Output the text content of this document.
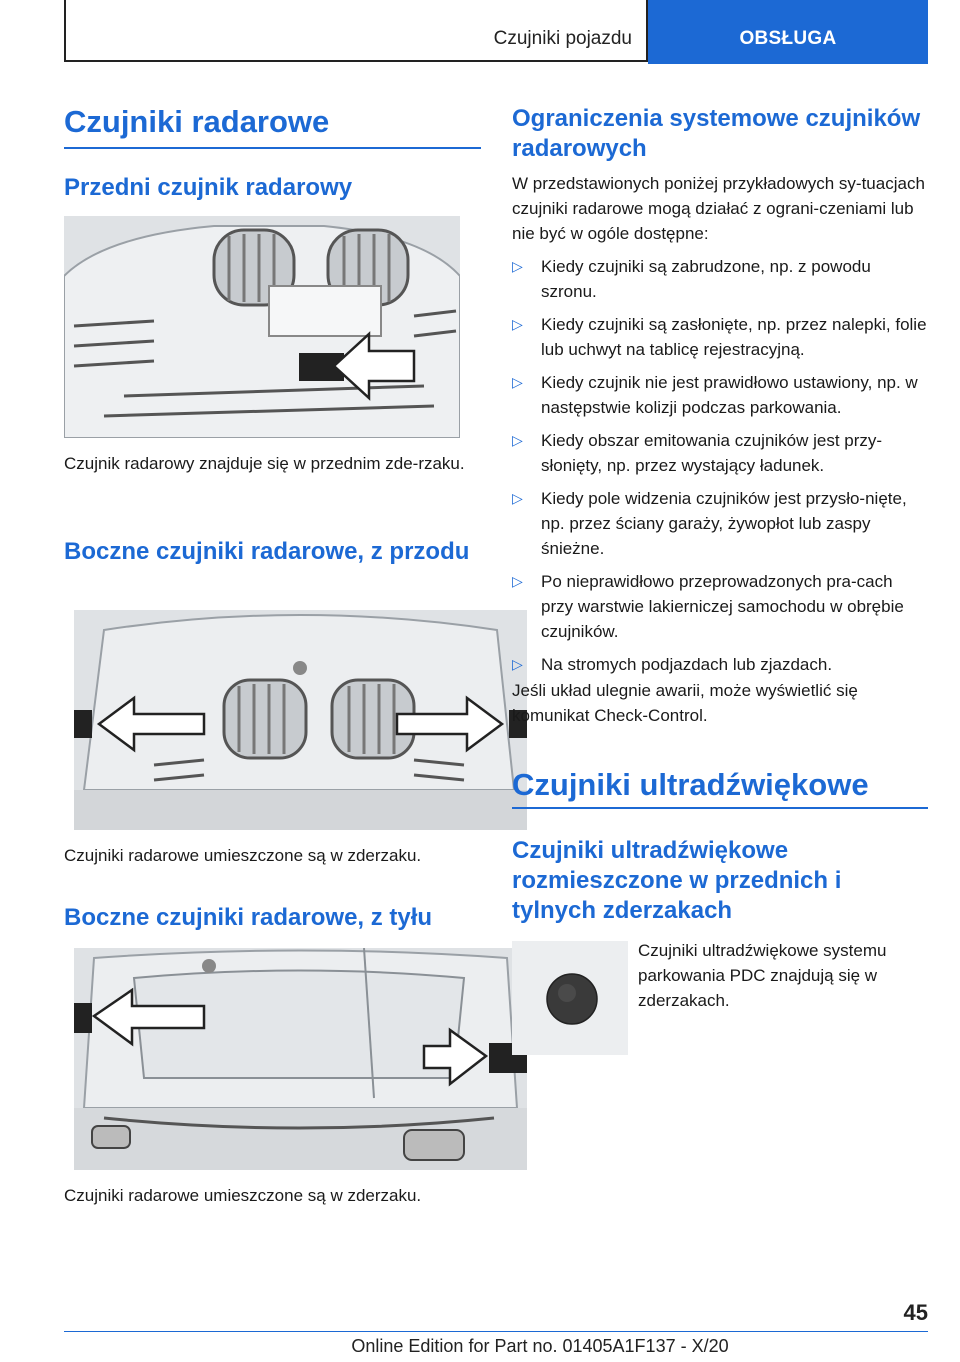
Czujniki pojazdu	OBSŁUGA
Czujniki radarowe
Przedni czujnik radarowy

Czujnik radarowy znajduje się w przednim zde-rzaku.

Boczne czujniki radarowe, z przodu

Czujniki radarowe umieszczone są w zderzaku.

Boczne czujniki radarowe, z tyłu

Czujniki radarowe umieszczone są w zderzaku.

Ograniczenia systemowe czujników radarowych

W przedstawionych poniżej przykładowych sy-tuacjach czujniki radarowe mogą działać z ograni-czeniami lub nie być w ogóle dostępne:

▷ Kiedy czujniki są zabrudzone, np. z powodu szronu.
▷ Kiedy czujniki są zasłonięte, np. przez nalepki, folie lub uchwyt na tablicę rejestracyjną.
▷ Kiedy czujnik nie jest prawidłowo ustawiony, np. w następstwie kolizji podczas parkowania.
▷ Kiedy obszar emitowania czujników jest przy-słonięty, np. przez wystający ładunek.
▷ Kiedy pole widzenia czujników jest przysło-nięte, np. przez ściany garaży, żywopłot lub zaspy śnieżne.
▷ Po nieprawidłowo przeprowadzonych pra-cach przy warstwie lakierniczej samochodu w obrębie czujników.
▷ Na stromych podjazdach lub zjazdach.

Jeśli układ ulegnie awarii, może wyświetlić się komunikat Check-Control.

Czujniki ultradźwiękowe
Czujniki ultradźwiękowe rozmieszczone w przednich i tylnych zderzakach

Czujniki ultradźwiękowe systemu parkowania PDC znajdują się w zderzakach.

45
Online Edition for Part no. 01405A1F137 - X/20
